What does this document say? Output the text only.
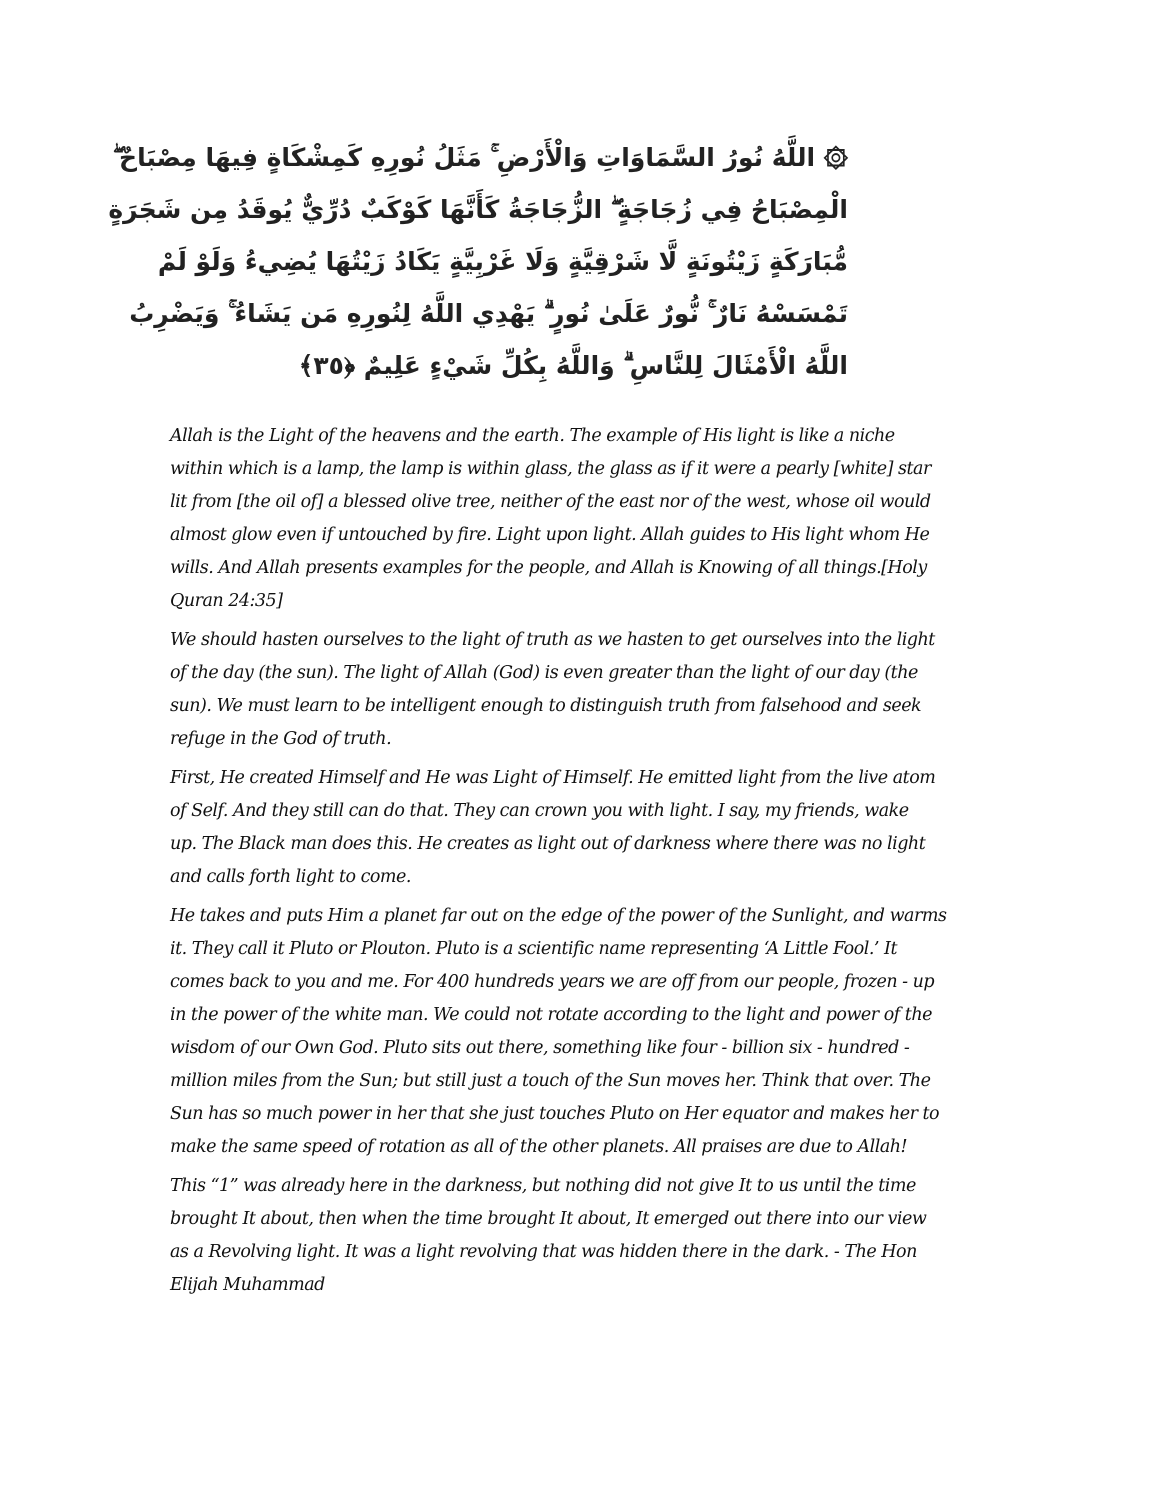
۞ اللَّهُ نُورُ السَّمَاوَاتِ وَالْأَرْضِ ۚ مَثَلُ نُورِهِ كَمِشْكَاةٍ فِيهَا مِصْبَاحٌ ۖ
الْمِصْبَاحُ فِي زُجَاجَةٍ ۖ الزُّجَاجَةُ كَأَنَّهَا كَوْكَبٌ دُرِّيٌّ يُوقَدُ مِن شَجَرَةٍ
مُّبَارَكَةٍ زَيْتُونَةٍ لَّا شَرْقِيَّةٍ وَلَا غَرْبِيَّةٍ يَكَادُ زَيْتُهَا يُضِيءُ وَلَوْ لَمْ
تَمْسَسْهُ نَارٌ ۚ نُّورٌ عَلَىٰ نُورٍ ۗ يَهْدِي اللَّهُ لِنُورِهِ مَن يَشَاءُ ۚ وَيَضْرِبُ
اللَّهُ الْأَمْثَالَ لِلنَّاسِ ۗ وَاللَّهُ بِكُلِّ شَيْءٍ عَلِيمٌ ﴿٣٥﴾
Allah is the Light of the heavens and the earth. The example of His light is like a niche
within which is a lamp, the lamp is within glass, the glass as if it were a pearly [white] star
lit from [the oil of] a blessed olive tree, neither of the east nor of the west, whose oil would
almost glow even if untouched by fire. Light upon light. Allah guides to His light whom He
wills. And Allah presents examples for the people, and Allah is Knowing of all things.[Holy
Quran 24:35]
We should hasten ourselves to the light of truth as we hasten to get ourselves into the light
of the day (the sun). The light of Allah (God) is even greater than the light of our day (the
sun). We must learn to be intelligent enough to distinguish truth from falsehood and seek
refuge in the God of truth.
First, He created Himself and He was Light of Himself. He emitted light from the live atom
of Self. And they still can do that. They can crown you with light. I say, my friends, wake
up. The Black man does this. He creates as light out of darkness where there was no light
and calls forth light to come.
He takes and puts Him a planet far out on the edge of the power of the Sunlight, and warms
it. They call it Pluto or Plouton. Pluto is a scientific name representing ‘A Little Fool.’ It
comes back to you and me. For 400 hundreds years we are off from our people, frozen - up
in the power of the white man. We could not rotate according to the light and power of the
wisdom of our Own God. Pluto sits out there, something like four - billion six - hundred -
million miles from the Sun; but still just a touch of the Sun moves her. Think that over. The
Sun has so much power in her that she just touches Pluto on Her equator and makes her to
make the same speed of rotation as all of the other planets. All praises are due to Allah!
This “1” was already here in the darkness, but nothing did not give It to us until the time
brought It about, then when the time brought It about, It emerged out there into our view
as a Revolving light. It was a light revolving that was hidden there in the dark. - The Hon
Elijah Muhammad
